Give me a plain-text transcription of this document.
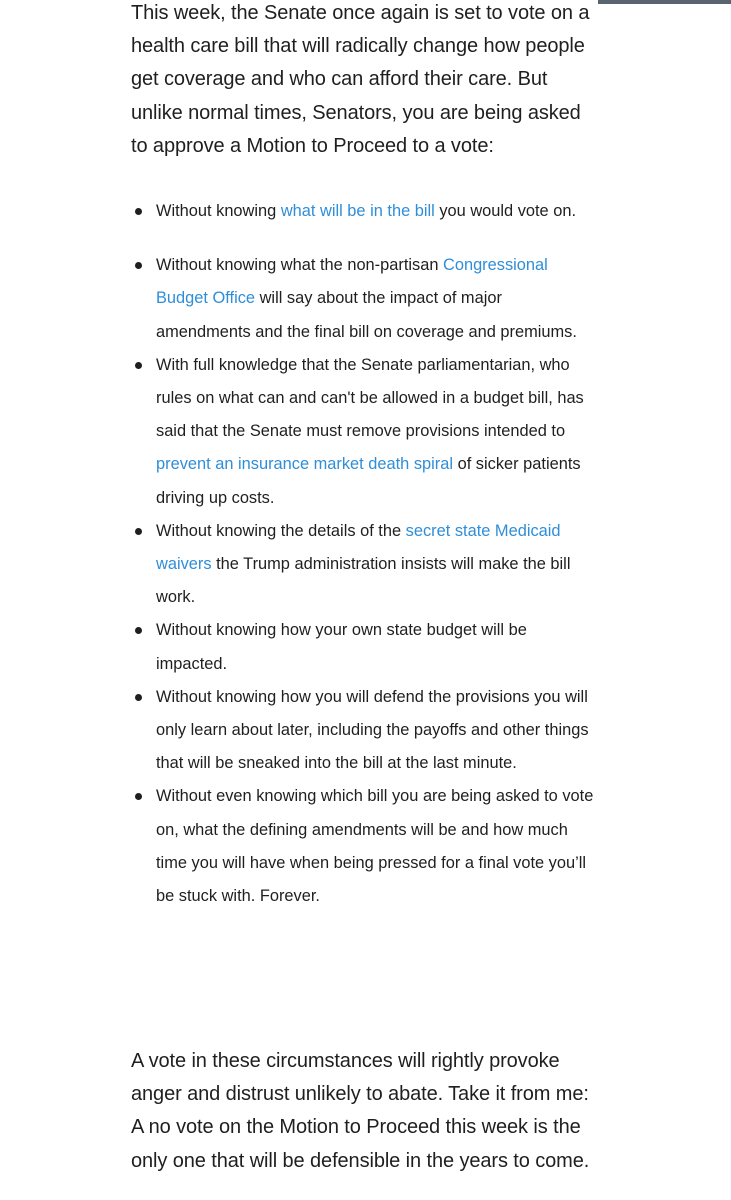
This week, the Senate once again is set to vote on a health care bill that will radically change how people get coverage and who can afford their care. But unlike normal times, Senators, you are being asked to approve a Motion to Proceed to a vote:

Without knowing what will be in the bill you would vote on.
Without knowing what the non-partisan Congressional Budget Office will say about the impact of major amendments and the final bill on coverage and premiums.
With full knowledge that the Senate parliamentarian, who rules on what can and can't be allowed in a budget bill, has said that the Senate must remove provisions intended to prevent an insurance market death spiral of sicker patients driving up costs.
Without knowing the details of the secret state Medicaid waivers the Trump administration insists will make the bill work.
Without knowing how your own state budget will be impacted.
Without knowing how you will defend the provisions you will only learn about later, including the payoffs and other things that will be sneaked into the bill at the last minute.
Without even knowing which bill you are being asked to vote on, what the defining amendments will be and how much time you will have when being pressed for a final vote you’ll be stuck with. Forever.

A vote in these circumstances will rightly provoke anger and distrust unlikely to abate. Take it from me: A no vote on the Motion to Proceed this week is the only one that will be defensible in the years to come.
